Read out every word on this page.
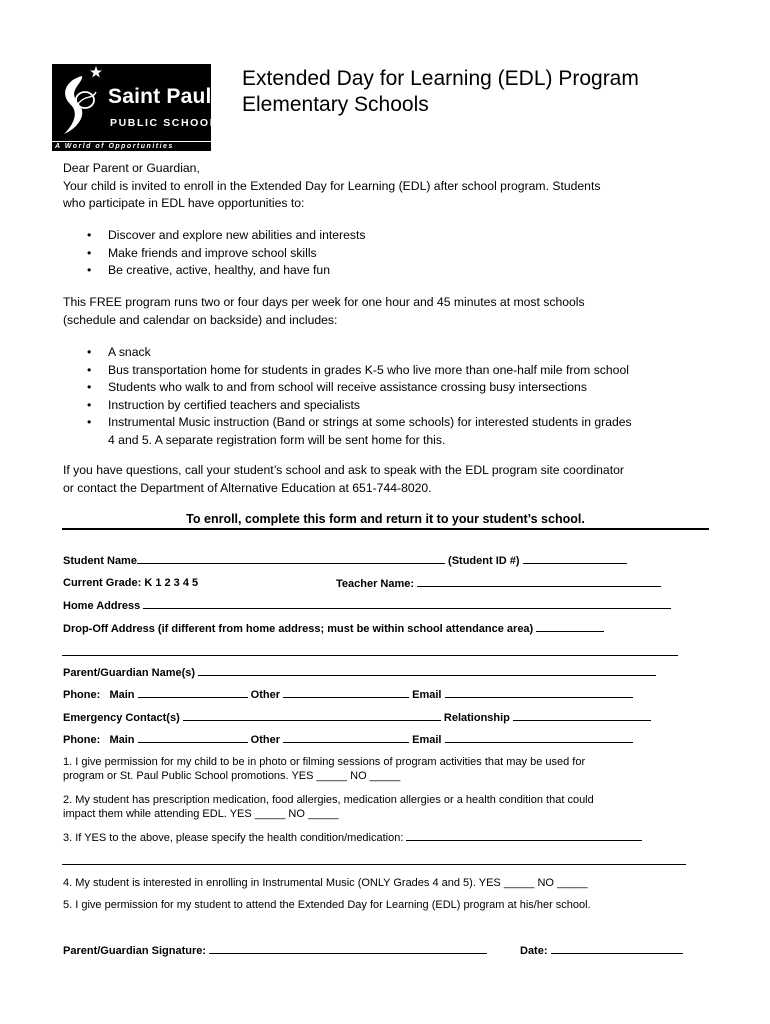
Saint Paul
PUBLIC SCHOOLS
A World of Opportunities
Extended Day for Learning (EDL) Program
Elementary Schools
Dear Parent or Guardian,
Your child is invited to enroll in the Extended Day for Learning (EDL) after school program. Students
who participate in EDL have opportunities to:
• Discover and explore new abilities and interests
• Make friends and improve school skills
• Be creative, active, healthy, and have fun
This FREE program runs two or four days per week for one hour and 45 minutes at most schools
(schedule and calendar on backside) and includes:
• A snack
• Bus transportation home for students in grades K-5 who live more than one-half mile from school
• Students who walk to and from school will receive assistance crossing busy intersections
• Instruction by certified teachers and specialists
• Instrumental Music instruction (Band or strings at some schools) for interested students in grades
4 and 5. A separate registration form will be sent home for this.
If you have questions, call your student’s school and ask to speak with the EDL program site coordinator
or contact the Department of Alternative Education at 651-744-8020.
To enroll, complete this form and return it to your student’s school.
Student Name	(Student ID #)
Current Grade: K 1 2 3 4 5	Teacher Name:
Home Address
Drop-Off Address (if different from home address; must be within school attendance area)
Parent/Guardian Name(s)
Phone: Main	Other	Email
Emergency Contact(s)	Relationship
Phone: Main	Other	Email
1. I give permission for my child to be in photo or filming sessions of program activities that may be used for
program or St. Paul Public School promotions. YES _____ NO _____
2. My student has prescription medication, food allergies, medication allergies or a health condition that could
impact them while attending EDL. YES _____ NO _____
3. If YES to the above, please specify the health condition/medication:
4. My student is interested in enrolling in Instrumental Music (ONLY Grades 4 and 5). YES _____ NO _____
5. I give permission for my student to attend the Extended Day for Learning (EDL) program at his/her school.
Parent/Guardian Signature:	Date:
